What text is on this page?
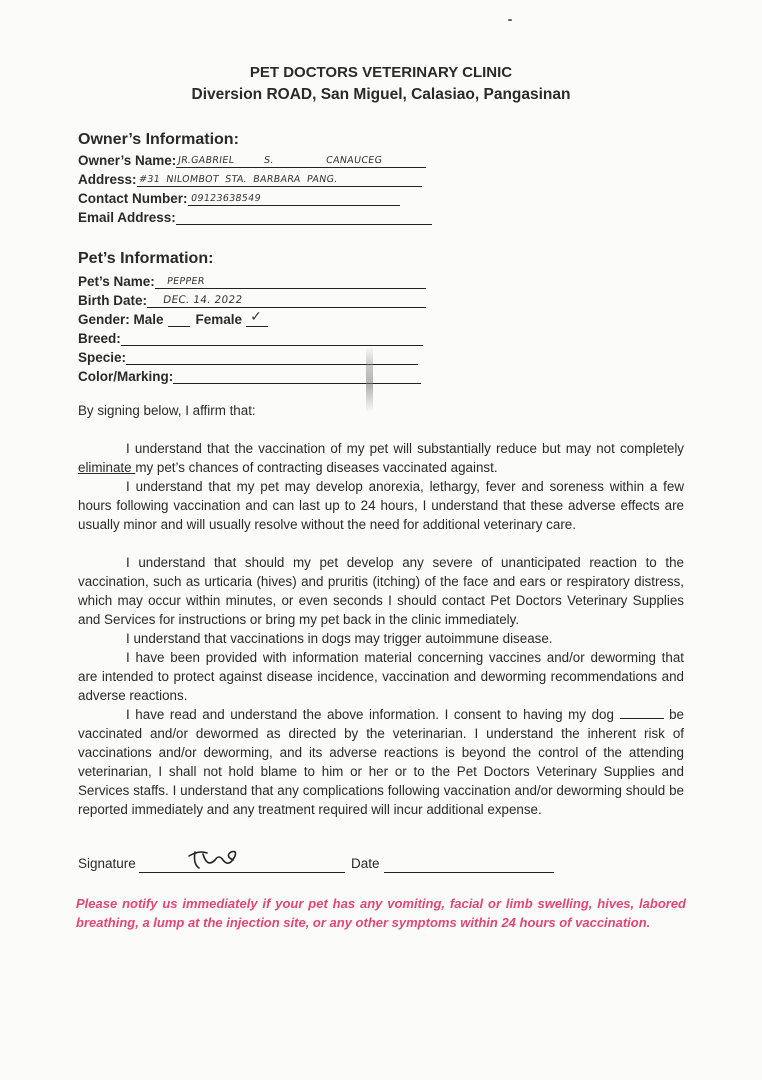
PET DOCTORS VETERINARY CLINIC
Diversion ROAD, San Miguel, Calasiao, Pangasinan
Owner’s Information:
Owner’s Name: JR.GABRIEL	S.	CANAUCEG
Address: #31 NILOMBOT STA. BARBARA PANG.
Contact Number: 09123638549
Email Address:
Pet’s Information:
Pet’s Name: PEPPER
Birth Date: DEC. 14. 2022
Gender: Male Female ✓
Breed:
Specie:
Color/Marking:
By signing below, I affirm that:
I understand that the vaccination of my pet will substantially reduce but may not completely eliminate my pet’s chances of contracting diseases vaccinated against.
I understand that my pet may develop anorexia, lethargy, fever and soreness within a few hours following vaccination and can last up to 24 hours, I understand that these adverse effects are usually minor and will usually resolve without the need for additional veterinary care.
I understand that should my pet develop any severe of unanticipated reaction to the vaccination, such as urticaria (hives) and pruritis (itching) of the face and ears or respiratory distress, which may occur within minutes, or even seconds I should contact Pet Doctors Veterinary Supplies and Services for instructions or bring my pet back in the clinic immediately.
I understand that vaccinations in dogs may trigger autoimmune disease.
I have been provided with information material concerning vaccines and/or deworming that are intended to protect against disease incidence, vaccination and deworming recommendations and adverse reactions.
I have read and understand the above information. I consent to having my dog	be vaccinated and/or dewormed as directed by the veterinarian. I understand the inherent risk of vaccinations and/or deworming, and its adverse reactions is beyond the control of the attending veterinarian, I shall not hold blame to him or her or to the Pet Doctors Veterinary Supplies and Services staffs. I understand that any complications following vaccination and/or deworming should be reported immediately and any treatment required will incur additional expense.
Signature	Date
Please notify us immediately if your pet has any vomiting, facial or limb swelling, hives, labored breathing, a lump at the injection site, or any other symptoms within 24 hours of vaccination.
